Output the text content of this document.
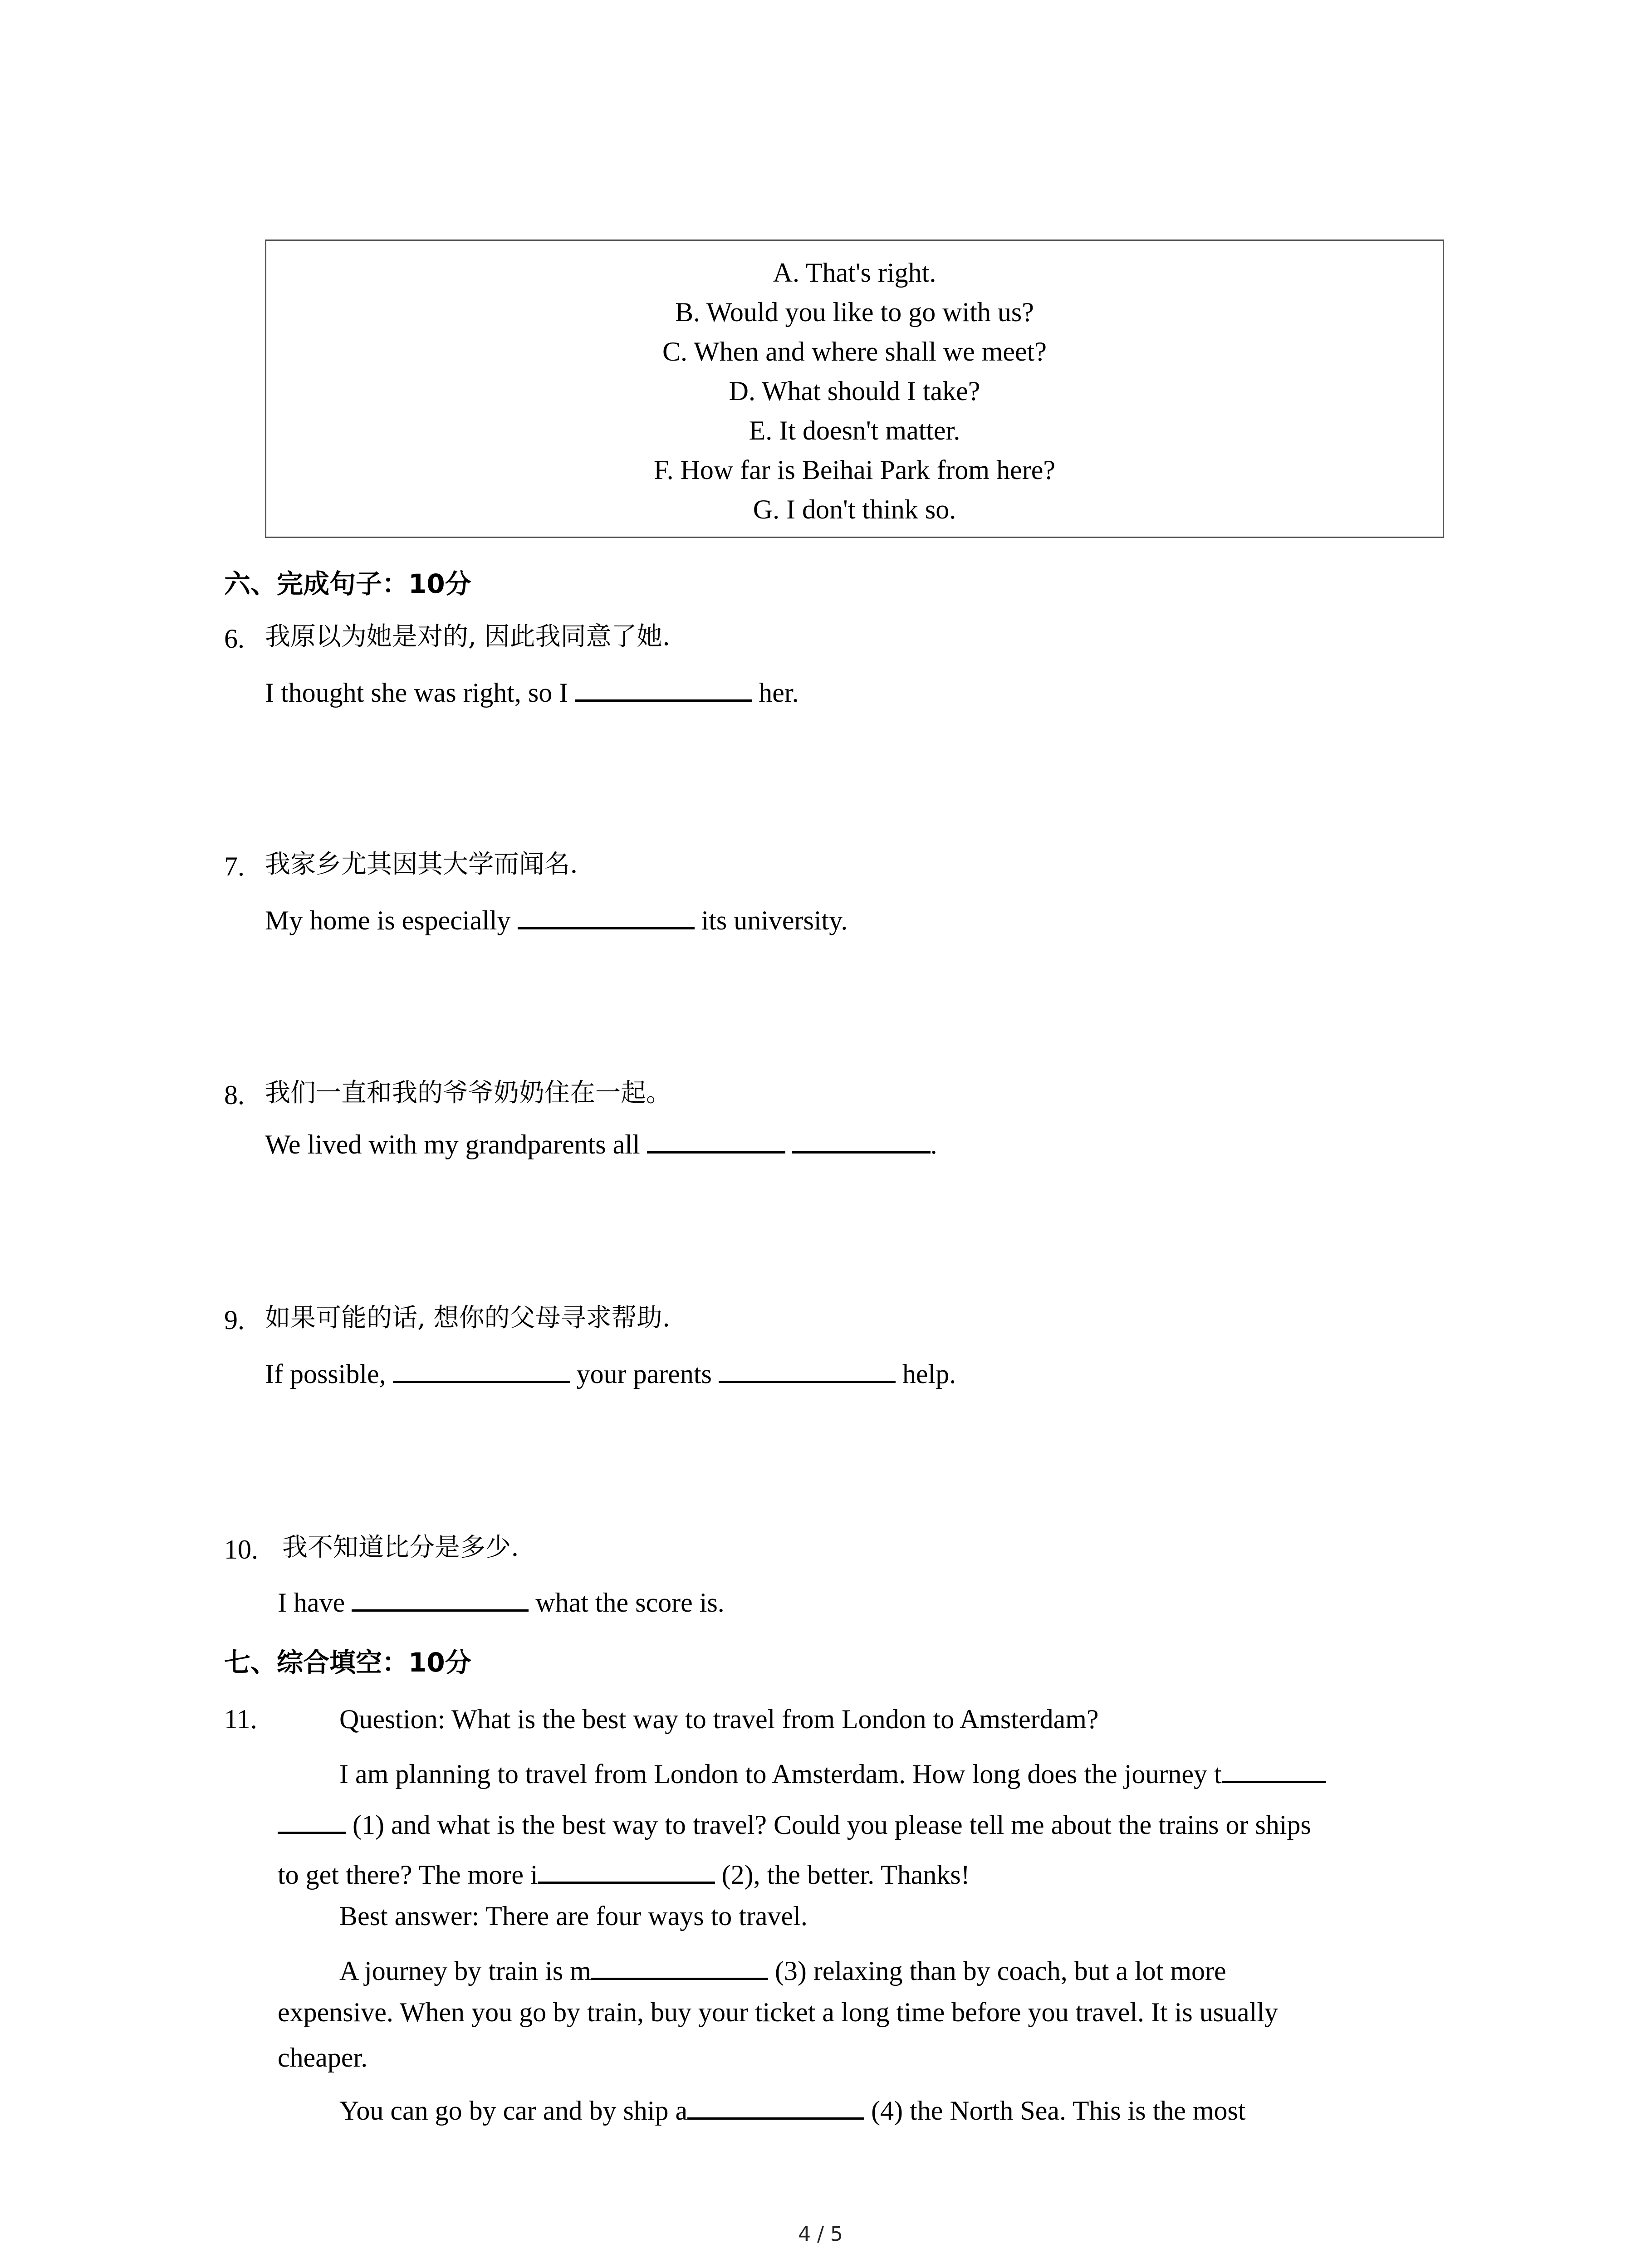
A. That's right.
B. Would you like to go with us?
C. When and where shall we meet?
D. What should I take?
E. It doesn't matter.
F. How far is Beihai Park from here?
G. I don't think so.
六、完成句子：10分
6. 我原以为她是对的, 因此我同意了她.
I thought she was right, so I	her.
7. 我家乡尤其因其大学而闻名.
My home is especially	its university.
8. 我们一直和我的爷爷奶奶住在一起。
We lived with my grandparents all	.
9. 如果可能的话, 想你的父母寻求帮助.
If possible,	your parents	help.
10. 我不知道比分是多少.
I have	what the score is.
七、综合填空：10分
11.	Question: What is the best way to travel from London to Amsterdam?
I am planning to travel from London to Amsterdam. How long does the journey t
(1) and what is the best way to travel? Could you please tell me about the trains or ships
to get there? The more i	(2), the better. Thanks!
Best answer: There are four ways to travel.
A journey by train is m	(3) relaxing than by coach, but a lot more
expensive. When you go by train, buy your ticket a long time before you travel. It is usually
cheaper.
You can go by car and by ship a	(4) the North Sea. This is the most
4 / 5
